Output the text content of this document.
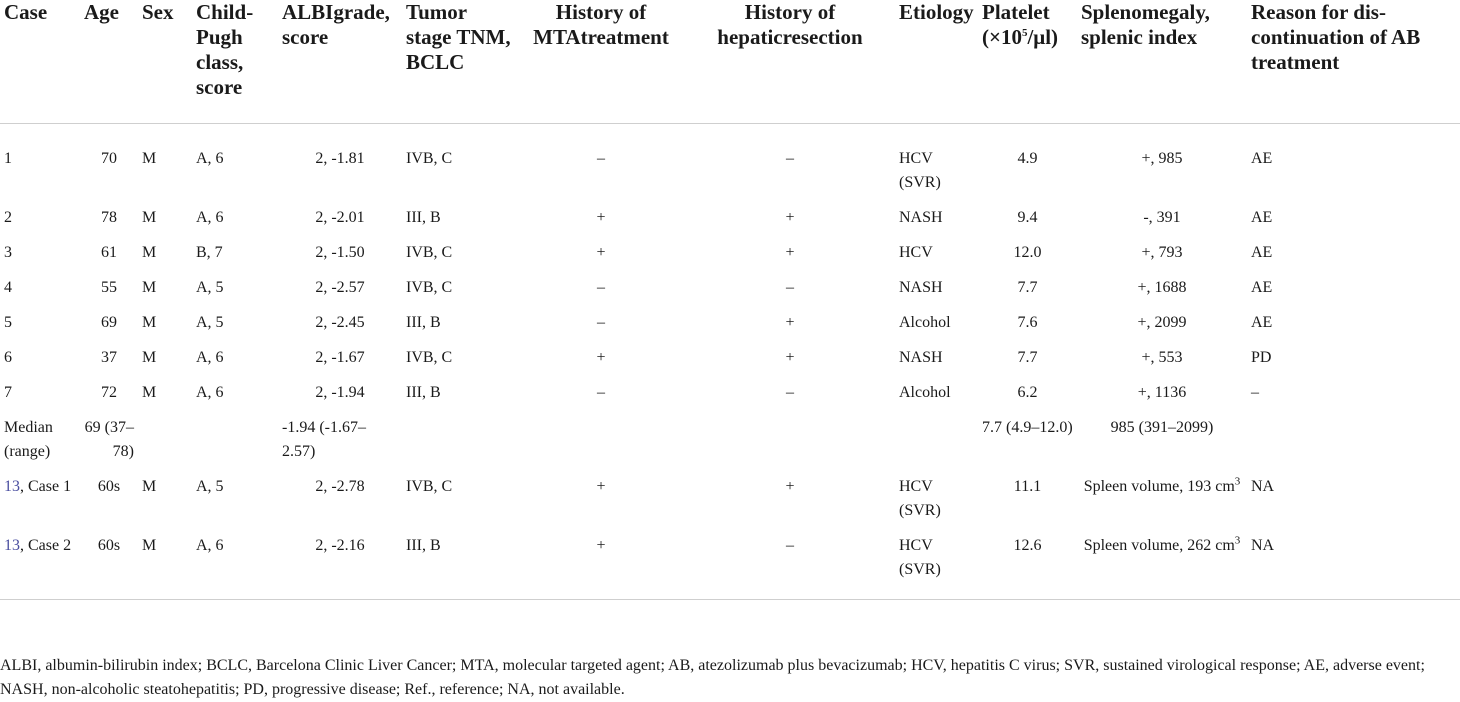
Case	Age	Sex	Child-Pugh class, score	ALBIgrade, score	Tumor stage TNM, BCLC	History of MTAtreatment	History of hepaticresection	Etiology	Platelet $(\times 10^5/\mu l)$	Splenomegaly, splenic index	Reason for dis-continuation of AB treatment
1	70	M	A, 6	2, -1.81	IVB, C	–	–	HCV (SVR)	4.9	+, 985	AE
2	78	M	A, 6	2, -2.01	III, B	+	+	NASH	9.4	-, 391	AE
3	61	M	B, 7	2, -1.50	IVB, C	+	+	HCV	12.0	+, 793	AE
4	55	M	A, 5	2, -2.57	IVB, C	–	–	NASH	7.7	+, 1688	AE
5	69	M	A, 5	2, -2.45	III, B	–	+	Alcohol	7.6	+, 2099	AE
6	37	M	A, 6	2, -1.67	IVB, C	+	+	NASH	7.7	+, 553	PD
7	72	M	A, 6	2, -1.94	III, B	–	–	Alcohol	6.2	+, 1136	–
Median (range)	69 (37–78)			-1.94 (-1.67–2.57)					7.7 (4.9–12.0)	985 (391–2099)	
13, Case 1	60s	M	A, 5	2, -2.78	IVB, C	+	+	HCV (SVR)	11.1	Spleen volume, 193 $cm^3$	NA
13, Case 2	60s	M	A, 6	2, -2.16	III, B	+	–	HCV (SVR)	12.6	Spleen volume, 262 $cm^3$	NA
ALBI, albumin-bilirubin index; BCLC, Barcelona Clinic Liver Cancer; MTA, molecular targeted agent; AB, atezolizumab plus bevacizumab; HCV, hepatitis C virus; SVR, sustained virological response; AE, adverse event; NASH, non-alcoholic steatohepatitis; PD, progressive disease; Ref., reference; NA, not available.
